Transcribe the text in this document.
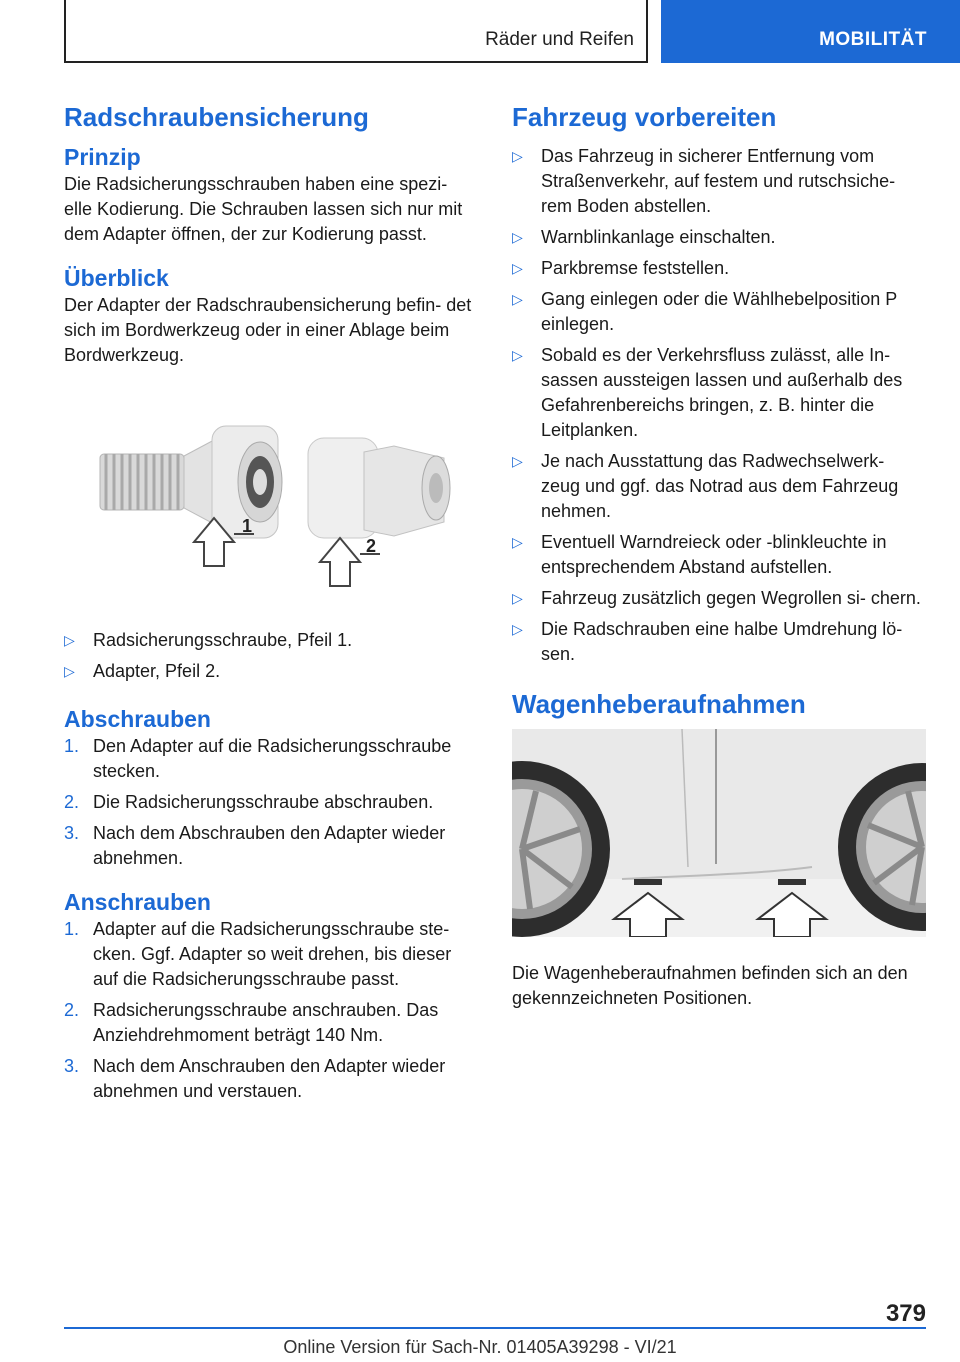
Räder und Reifen	MOBILITÄT
Radschraubensicherung
Prinzip

Die Radsicherungsschrauben haben eine spezi- elle Kodierung. Die Schrauben lassen sich nur mit dem Adapter öffnen, der zur Kodierung passt.

Überblick

Der Adapter der Radschraubensicherung befin- det sich im Bordwerkzeug oder in einer Ablage beim Bordwerkzeug.

1
2
▷ Radsicherungsschraube, Pfeil 1.
▷ Adapter, Pfeil 2.
Abschrauben
1. Den Adapter auf die Radsicherungsschraube stecken.
2. Die Radsicherungsschraube abschrauben.
3. Nach dem Abschrauben den Adapter wieder abnehmen.
Anschrauben
1. Adapter auf die Radsicherungsschraube ste- cken. Ggf. Adapter so weit drehen, bis dieser auf die Radsicherungsschraube passt.
2. Radsicherungsschraube anschrauben. Das Anziehdrehmoment beträgt 140 Nm.
3. Nach dem Anschrauben den Adapter wieder abnehmen und verstauen.
Fahrzeug vorbereiten
▷ Das Fahrzeug in sicherer Entfernung vom Straßenverkehr, auf festem und rutschsiche- rem Boden abstellen.
▷ Warnblinkanlage einschalten.
▷ Parkbremse feststellen.
▷ Gang einlegen oder die Wählhebelposition P einlegen.
▷ Sobald es der Verkehrsfluss zulässt, alle In- sassen aussteigen lassen und außerhalb des Gefahrenbereichs bringen, z. B. hinter die Leitplanken.
▷ Je nach Ausstattung das Radwechselwerk- zeug und ggf. das Notrad aus dem Fahrzeug nehmen.
▷ Eventuell Warndreieck oder -blinkleuchte in entsprechendem Abstand aufstellen.
▷ Fahrzeug zusätzlich gegen Wegrollen si- chern.
▷ Die Radschrauben eine halbe Umdrehung lö- sen.
Wagenheberaufnahmen

Die Wagenheberaufnahmen befinden sich an den gekennzeichneten Positionen.

379
Online Version für Sach-Nr. 01405A39298 - VI/21
